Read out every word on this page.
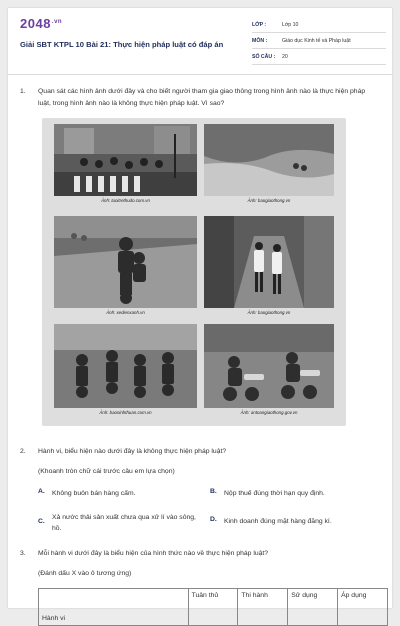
$2048^{.vn}$
Giải SBT KTPL 10 Bài 21: Thực hiện pháp luật có đáp án
LỚP :	Lớp 10
MÔN :	Giáo dục Kinh tế và Pháp luật
SỐ CÂU : 20
1. Quan sát các hình ảnh dưới đây và cho biết người tham gia giao thông trong hình ảnh nào là thực hiện pháp luật, trong hình ảnh nào là không thực hiện pháp luật. Vì sao?
Ảnh: tuoitrethudo.com.vn	Ảnh: baogiaothong.vn
Ảnh: xedienxanh.vn	Ảnh: baogiaothong.vn
Ảnh: baoninhthuan.com.vn	Ảnh: antoangiaothong.gov.vn
2. Hành vi, biểu hiện nào dưới đây là không thực hiện pháp luật?
(Khoanh tròn chữ cái trước câu em lựa chọn)
A. Không buôn bán hàng cấm.	B. Nộp thuế đúng thời hạn quy định.
C.
Xả nước thải sản xuất chưa qua xử lí vào sông, hồ.
D. Kinh doanh đúng mặt hàng đăng kí.
3. Mỗi hành vi dưới đây là biểu hiện của hình thức nào về thực hiện pháp luật?
(Đánh dấu X vào ô tương ứng)
Hành vi	Tuân thủ	Thi hành	Sử dụng	Áp dụng
